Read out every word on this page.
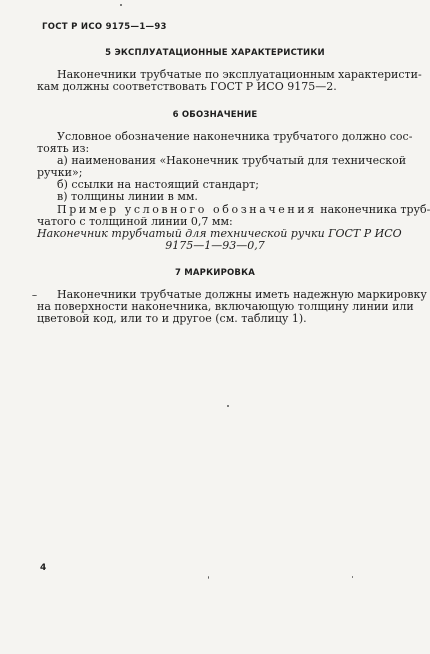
ГОСТ Р ИСО 9175—1—93
5 ЭКСПЛУАТАЦИОННЫЕ ХАРАКТЕРИСТИКИ
Наконечники трубчатые по эксплуатационным характеристи-
кам должны соответствовать ГОСТ Р ИСО 9175—2.
6 ОБОЗНАЧЕНИЕ
Условное обозначение наконечника трубчатого должно сос-
тоять из:
а) наименования «Наконечник трубчатый для технической
ручки»;
б) ссылки на настоящий стандарт;
в) толщины линии в мм.
Пример условного обозначения наконечника труб-
чатого с толщиной линии 0,7 мм:
Наконечник трубчатый для технической ручки ГОСТ Р ИСО
9175—1—93—0,7
7 МАРКИРОВКА
Наконечники трубчатые должны иметь надежную маркировку
на поверхности наконечника, включающую толщину линии или
цветовой код, или то и другое (см. таблицу 1).
4
